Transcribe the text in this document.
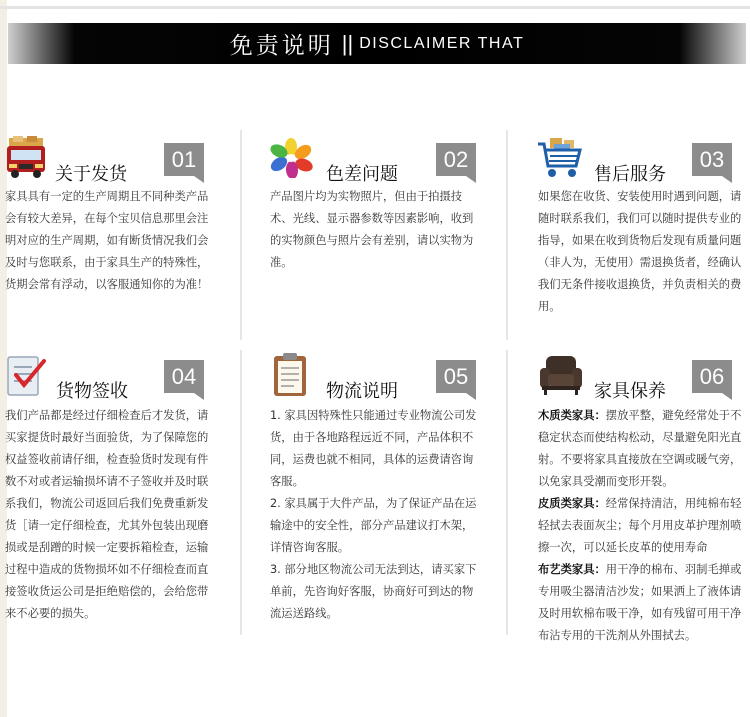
免责说明 || DISCLAIMER THAT
关于发货
01

家具具有一定的生产周期且不同种类产品会有较大差异，在每个宝贝信息那里会注明对应的生产周期，如有断货情况我们会及时与您联系，由于家具生产的特殊性，货期会常有浮动，以客服通知你的为准！

色差问题
02

产品图片均为实物照片，但由于拍摄技术、光线、显示器参数等因素影响，收到的实物颜色与照片会有差别，请以实物为准。

售后服务
03

如果您在收货、安装使用时遇到问题，请随时联系我们，我们可以随时提供专业的指导，如果在收到货物后发现有质量问题（非人为，无使用）需退换货者，经确认我们无条件接收退换货，并负责相关的费用。

货物签收
04

我们产品都是经过仔细检查后才发货，请买家提货时最好当面验货，为了保障您的权益签收前请仔细，检查验货时发现有件数不对或者运输损坏请不子签收并及时联系我们，物流公司返回后我们免费重新发货［请一定仔细检查，尤其外包装出现磨损或是刮蹭的时候一定要拆箱检查，运输过程中造成的货物损坏如不仔细检查而直接签收货运公司是拒绝赔偿的，会给您带来不必要的损失。

物流说明
05

1. 家具因特殊性只能通过专业物流公司发货，由于各地路程远近不同，产品体积不同，运费也就不相同，具体的运费请咨询客服。

2. 家具属于大件产品，为了保证产品在运输途中的安全性，部分产品建议打木架，详情咨询客服。

3. 部分地区物流公司无法到达，请买家下单前，先咨询好客服，协商好可到达的物流运送路线。

家具保养
06

木质类家具：摆放平整，避免经常处于不稳定状态而使结构松动，尽量避免阳光直射。不要将家具直接放在空调或暖气旁，以免家具受潮而变形开裂。

皮质类家具：经常保持清洁，用纯棉布轻轻拭去表面灰尘；每个月用皮革护理剂喷擦一次，可以延长皮革的使用寿命

布艺类家具：用干净的棉布、羽制毛掸或专用吸尘器清洁沙发；如果洒上了液体请及时用软棉布吸干净，如有残留可用干净布沾专用的干洗剂从外围拭去。
